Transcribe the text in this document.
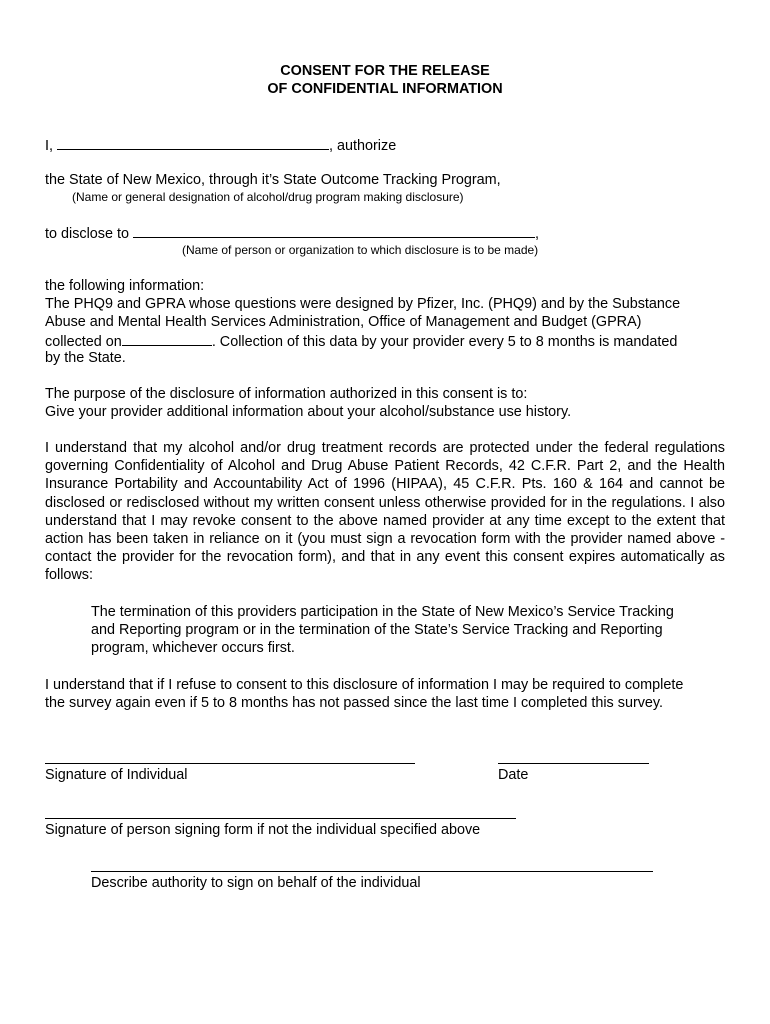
CONSENT FOR THE RELEASE
OF CONFIDENTIAL INFORMATION
I,	, authorize
the State of New Mexico, through it’s State Outcome Tracking Program,
(Name or general designation of alcohol/drug program making disclosure)
to disclose to	,
(Name of person or organization to which disclosure is to be made)
the following information:
The PHQ9 and GPRA whose questions were designed by Pfizer, Inc. (PHQ9) and by the Substance
Abuse and Mental Health Services Administration, Office of Management and Budget (GPRA)
collected on	. Collection of this data by your provider every 5 to 8 months is mandated
by the State.
The purpose of the disclosure of information authorized in this consent is to:
Give your provider additional information about your alcohol/substance use history.
I understand that my alcohol and/or drug treatment records are protected under the federal regulations governing Confidentiality of Alcohol and Drug Abuse Patient Records, 42 C.F.R. Part 2, and the Health Insurance Portability and Accountability Act of 1996 (HIPAA), 45 C.F.R. Pts. 160 & 164 and cannot be disclosed or redisclosed without my written consent unless otherwise provided for in the regulations. I also understand that I may revoke consent to the above named provider at any time except to the extent that action has been taken in reliance on it (you must sign a revocation form with the provider named above - contact the provider for the revocation form), and that in any event this consent expires automatically as follows:
The termination of this providers participation in the State of New Mexico’s Service Tracking
and Reporting program or in the termination of the State’s Service Tracking and Reporting
program, whichever occurs first.
I understand that if I refuse to consent to this disclosure of information I may be required to complete
the survey again even if 5 to 8 months has not passed since the last time I completed this survey.
Signature of Individual	Date
Signature of person signing form if not the individual specified above
Describe authority to sign on behalf of the individual
